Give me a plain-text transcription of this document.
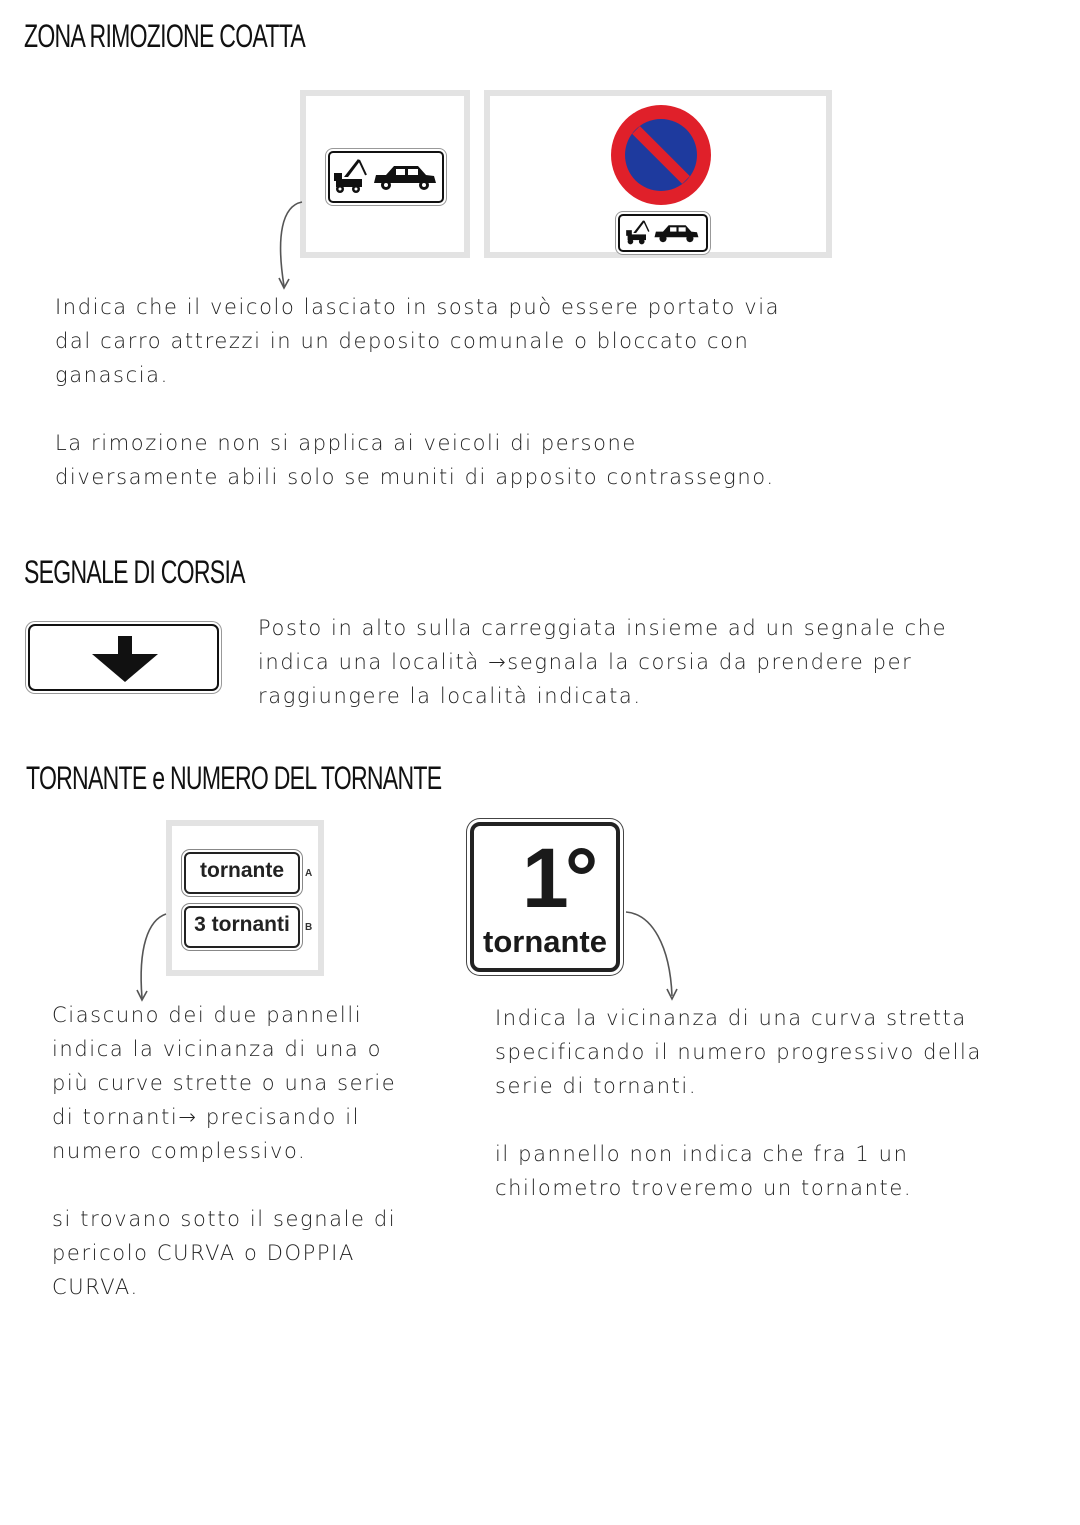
ZONA RIMOZIONE COATTA

Indica che il veicolo lasciato in sosta può essere portato via dal carro attrezzi in un deposito comunale o bloccato con ganascia.

La rimozione non si applica ai veicoli di persone diversamente abili solo se muniti di apposito contrassegno.

SEGNALE DI CORSIA

Posto in alto sulla carreggiata insieme ad un segnale che indica una località →segnala la corsia da prendere per raggiungere la località indicata.

TORNANTE e NUMERO DEL TORNANTE
tornante	A
3 tornanti	B
1°
tornante

Ciascuno dei due pannelli indica la vicinanza di una o più curve strette o una serie di tornanti→ precisando il numero complessivo.

si trovano sotto il segnale di pericolo CURVA o DOPPIA CURVA.

Indica la vicinanza di una curva stretta specificando il numero progressivo della serie di tornanti.

il pannello non indica che fra 1 un chilometro troveremo un tornante.
